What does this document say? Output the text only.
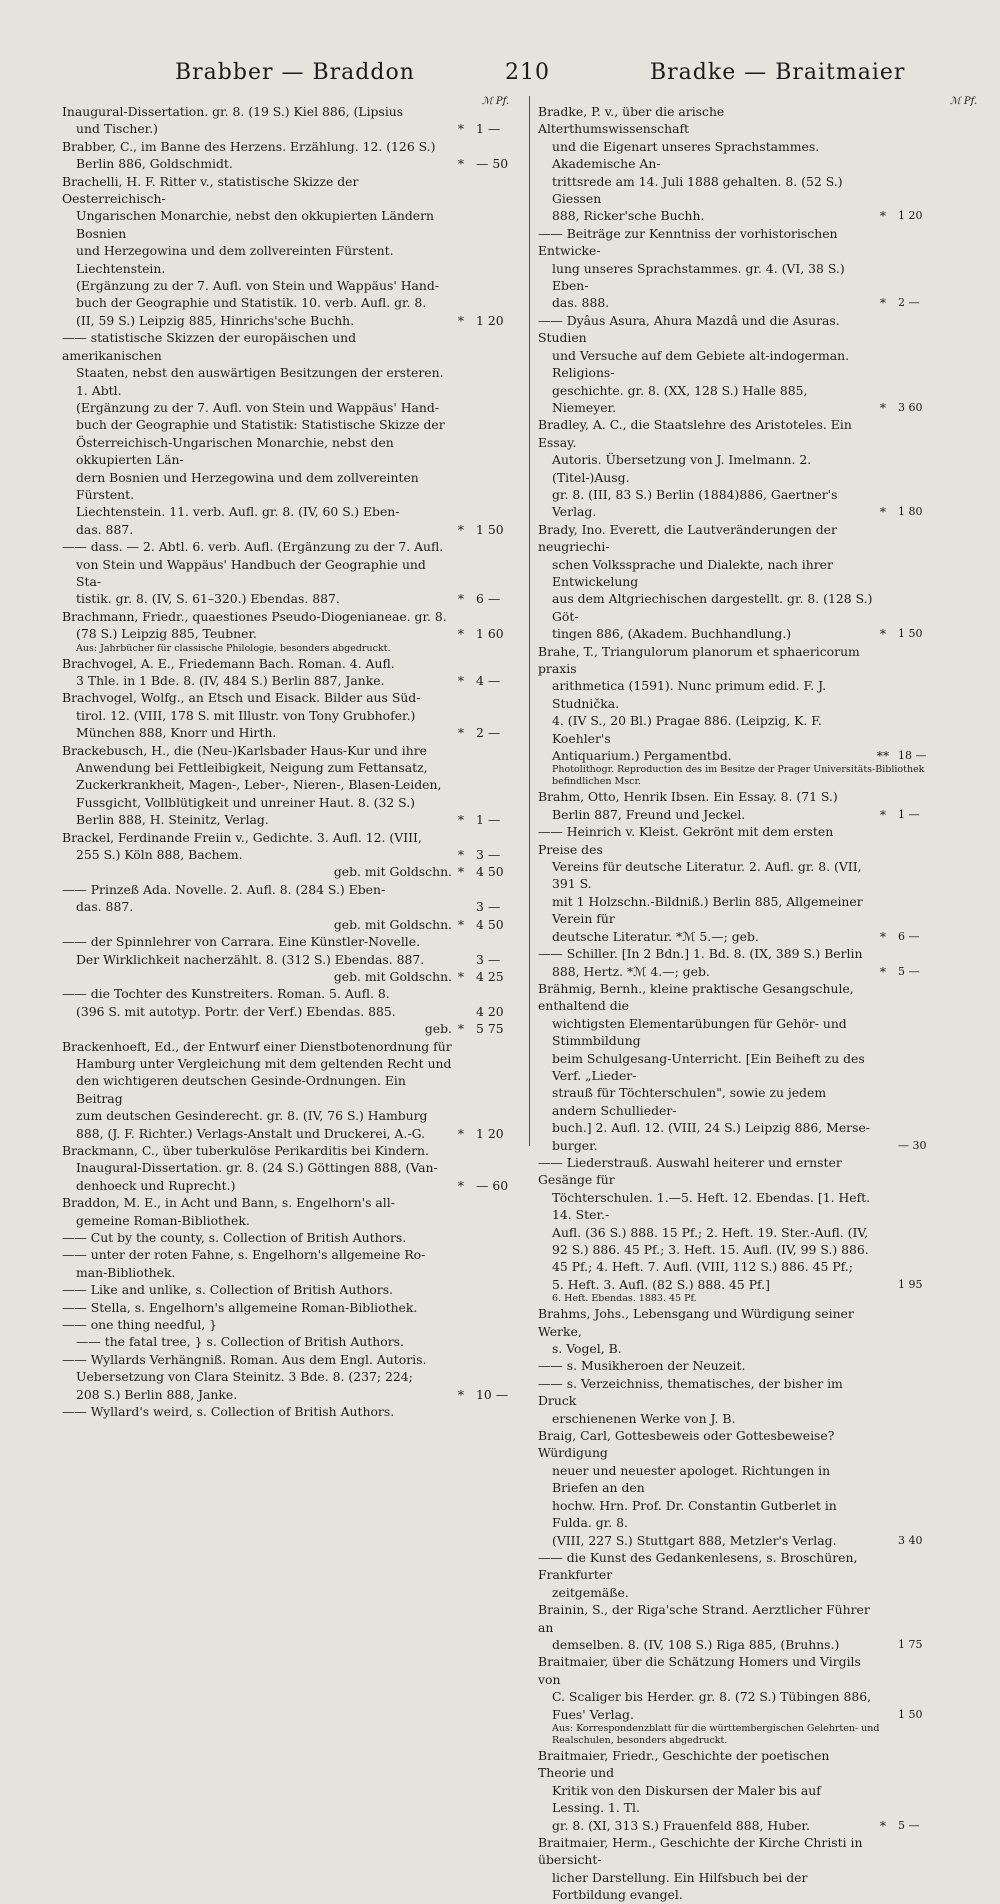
Brabber — Braddon	210	Bradke — Braitmaier
ℳ Pf.	ℳ Pf.
Inaugural-Dissertation. gr. 8. (19 S.) Kiel 886, (Lipsius
und Tischer.)	* 1 —
Brabber, C., im Banne des Herzens. Erzählung. 12. (126 S.)
Berlin 886, Goldschmidt.	* — 50
Brachelli, H. F. Ritter v., statistische Skizze der Oesterreichisch-
Ungarischen Monarchie, nebst den okkupierten Ländern Bosnien
und Herzegowina und dem zollvereinten Fürstent. Liechtenstein.
(Ergänzung zu der 7. Aufl. von Stein und Wappäus' Hand-
buch der Geographie und Statistik. 10. verb. Aufl. gr. 8.
(II, 59 S.) Leipzig 885, Hinrichs'sche Buchh.	* 1 20
—— statistische Skizzen der europäischen und amerikanischen
Staaten, nebst den auswärtigen Besitzungen der ersteren. 1. Abtl.
(Ergänzung zu der 7. Aufl. von Stein und Wappäus' Hand-
buch der Geographie und Statistik: Statistische Skizze der
Österreichisch-Ungarischen Monarchie, nebst den okkupierten Län-
dern Bosnien und Herzegowina und dem zollvereinten Fürstent.
Liechtenstein. 11. verb. Aufl. gr. 8. (IV, 60 S.) Eben-
das. 887.	* 1 50
—— dass. — 2. Abtl. 6. verb. Aufl. (Ergänzung zu der 7. Aufl.
von Stein und Wappäus' Handbuch der Geographie und Sta-
tistik. gr. 8. (IV, S. 61–320.) Ebendas. 887.	* 6 —
Brachmann, Friedr., quaestiones Pseudo-Diogenianeae. gr. 8.
(78 S.) Leipzig 885, Teubner.	* 1 60
Aus: Jahrbücher für classische Philologie, besonders abgedruckt.
Brachvogel, A. E., Friedemann Bach. Roman. 4. Aufl.
3 Thle. in 1 Bde. 8. (IV, 484 S.) Berlin 887, Janke.	* 4 —
Brachvogel, Wolfg., an Etsch und Eisack. Bilder aus Süd-
tirol. 12. (VIII, 178 S. mit Illustr. von Tony Grubhofer.)
München 888, Knorr und Hirth.	* 2 —
Brackebusch, H., die (Neu-)Karlsbader Haus-Kur und ihre
Anwendung bei Fettleibigkeit, Neigung zum Fettansatz,
Zuckerkrankheit, Magen-, Leber-, Nieren-, Blasen-Leiden,
Fussgicht, Vollblütigkeit und unreiner Haut. 8. (32 S.)
Berlin 888, H. Steinitz, Verlag.	* 1 —
Brackel, Ferdinande Freiin v., Gedichte. 3. Aufl. 12. (VIII,
255 S.) Köln 888, Bachem.	* 3 —
geb. mit Goldschn. * 4 50
—— Prinzeß Ada. Novelle. 2. Aufl. 8. (284 S.) Eben-
das. 887.	3 —
geb. mit Goldschn. * 4 50
—— der Spinnlehrer von Carrara. Eine Künstler-Novelle.
Der Wirklichkeit nacherzählt. 8. (312 S.) Ebendas. 887.	3 —
geb. mit Goldschn. * 4 25
—— die Tochter des Kunstreiters. Roman. 5. Aufl. 8.
(396 S. mit autotyp. Portr. der Verf.) Ebendas. 885.	4 20
geb. * 5 75
Brackenhoeft, Ed., der Entwurf einer Dienstbotenordnung für
Hamburg unter Vergleichung mit dem geltenden Recht und
den wichtigeren deutschen Gesinde-Ordnungen. Ein Beitrag
zum deutschen Gesinderecht. gr. 8. (IV, 76 S.) Hamburg
888, (J. F. Richter.) Verlags-Anstalt und Druckerei, A.-G.	* 1 20
Brackmann, C., über tuberkulöse Perikarditis bei Kindern.
Inaugural-Dissertation. gr. 8. (24 S.) Göttingen 888, (Van-
denhoeck und Ruprecht.)	* — 60
Braddon, M. E., in Acht und Bann, s. Engelhorn's all-
gemeine Roman-Bibliothek.
—— Cut by the county, s. Collection of British Authors.
—— unter der roten Fahne, s. Engelhorn's allgemeine Ro-
man-Bibliothek.
—— Like and unlike, s. Collection of British Authors.
—— Stella, s. Engelhorn's allgemeine Roman-Bibliothek.
—— one thing needful, }
—— the fatal tree, } s. Collection of British Authors.
—— Wyllards Verhängniß. Roman. Aus dem Engl. Autoris.
Uebersetzung von Clara Steinitz. 3 Bde. 8. (237; 224;
208 S.) Berlin 888, Janke.	* 10 —
—— Wyllard's weird, s. Collection of British Authors.
Bradke, P. v., über die arische Alterthumswissenschaft
und die Eigenart unseres Sprachstammes. Akademische An-
trittsrede am 14. Juli 1888 gehalten. 8. (52 S.) Giessen
888, Ricker'sche Buchh.	*	1 20
—— Beiträge zur Kenntniss der vorhistorischen Entwicke-
lung unseres Sprachstammes. gr. 4. (VI, 38 S.) Eben-
das. 888.	*	2 —
—— Dyâus Asura, Ahura Mazdâ und die Asuras. Studien
und Versuche auf dem Gebiete alt-indogerman. Religions-
geschichte. gr. 8. (XX, 128 S.) Halle 885, Niemeyer.	*	3 60
Bradley, A. C., die Staatslehre des Aristoteles. Ein Essay.
Autoris. Übersetzung von J. Imelmann. 2. (Titel-)Ausg.
gr. 8. (III, 83 S.) Berlin (1884)886, Gaertner's Verlag.	*	1 80
Brady, Ino. Everett, die Lautveränderungen der neugriechi-
schen Volkssprache und Dialekte, nach ihrer Entwickelung
aus dem Altgriechischen dargestellt. gr. 8. (128 S.) Göt-
tingen 886, (Akadem. Buchhandlung.)	*	1 50
Brahe, T., Triangulorum planorum et sphaericorum praxis
arithmetica (1591). Nunc primum edid. F. J. Studnička.
4. (IV S., 20 Bl.) Pragae 886. (Leipzig, K. F. Koehler's
Antiquarium.) Pergamentbd.	** 18 —
Photolithogr. Reproduction des im Besitze der Prager Universitäts-Bibliothek befindlichen Mscr.
Brahm, Otto, Henrik Ibsen. Ein Essay. 8. (71 S.)
Berlin 887, Freund und Jeckel.	*	1 —
—— Heinrich v. Kleist. Gekrönt mit dem ersten Preise des
Vereins für deutsche Literatur. 2. Aufl. gr. 8. (VII, 391 S.
mit 1 Holzschn.-Bildniß.) Berlin 885, Allgemeiner Verein für
deutsche Literatur. *ℳ 5.—; geb.	*	6 —
—— Schiller. [In 2 Bdn.] 1. Bd. 8. (IX, 389 S.) Berlin
888, Hertz. *ℳ 4.—; geb.	*	5 —
Brähmig, Bernh., kleine praktische Gesangschule, enthaltend die
wichtigsten Elementarübungen für Gehör- und Stimmbildung
beim Schulgesang-Unterricht. [Ein Beiheft zu des Verf. „Lieder-
strauß für Töchterschulen", sowie zu jedem andern Schullieder-
buch.] 2. Aufl. 12. (VIII, 24 S.) Leipzig 886, Merse-
burger.	— 30
—— Liederstrauß. Auswahl heiterer und ernster Gesänge für
Töchterschulen. 1.—5. Heft. 12. Ebendas. [1. Heft. 14. Ster.-
Aufl. (36 S.) 888. 15 Pf.; 2. Heft. 19. Ster.-Aufl. (IV,
92 S.) 886. 45 Pf.; 3. Heft. 15. Aufl. (IV, 99 S.) 886.
45 Pf.; 4. Heft. 7. Aufl. (VIII, 112 S.) 886. 45 Pf.;
5. Heft. 3. Aufl. (82 S.) 888. 45 Pf.]	1 95
6. Heft. Ebendas. 1883. 45 Pf.
Brahms, Johs., Lebensgang und Würdigung seiner Werke,
s. Vogel, B.
—— s. Musikheroen der Neuzeit.
—— s. Verzeichniss, thematisches, der bisher im Druck
erschienenen Werke von J. B.
Braig, Carl, Gottesbeweis oder Gottesbeweise? Würdigung
neuer und neuester apologet. Richtungen in Briefen an den
hochw. Hrn. Prof. Dr. Constantin Gutberlet in Fulda. gr. 8.
(VIII, 227 S.) Stuttgart 888, Metzler's Verlag.	3 40
—— die Kunst des Gedankenlesens, s. Broschüren, Frankfurter
zeitgemäße.
Brainin, S., der Riga'sche Strand. Aerztlicher Führer an
demselben. 8. (IV, 108 S.) Riga 885, (Bruhns.)	1 75
Braitmaier, über die Schätzung Homers und Virgils von
C. Scaliger bis Herder. gr. 8. (72 S.) Tübingen 886,
Fues' Verlag.	1 50
Aus: Korrespondenzblatt für die württembergischen Gelehrten- und Realschulen, besonders abgedruckt.
Braitmaier, Friedr., Geschichte der poetischen Theorie und
Kritik von den Diskursen der Maler bis auf Lessing. 1. Tl.
gr. 8. (XI, 313 S.) Frauenfeld 888, Huber.	*	5 —
Braitmaier, Herm., Geschichte der Kirche Christi in übersicht-
licher Darstellung. Ein Hilfsbuch bei der Fortbildung evangel.
